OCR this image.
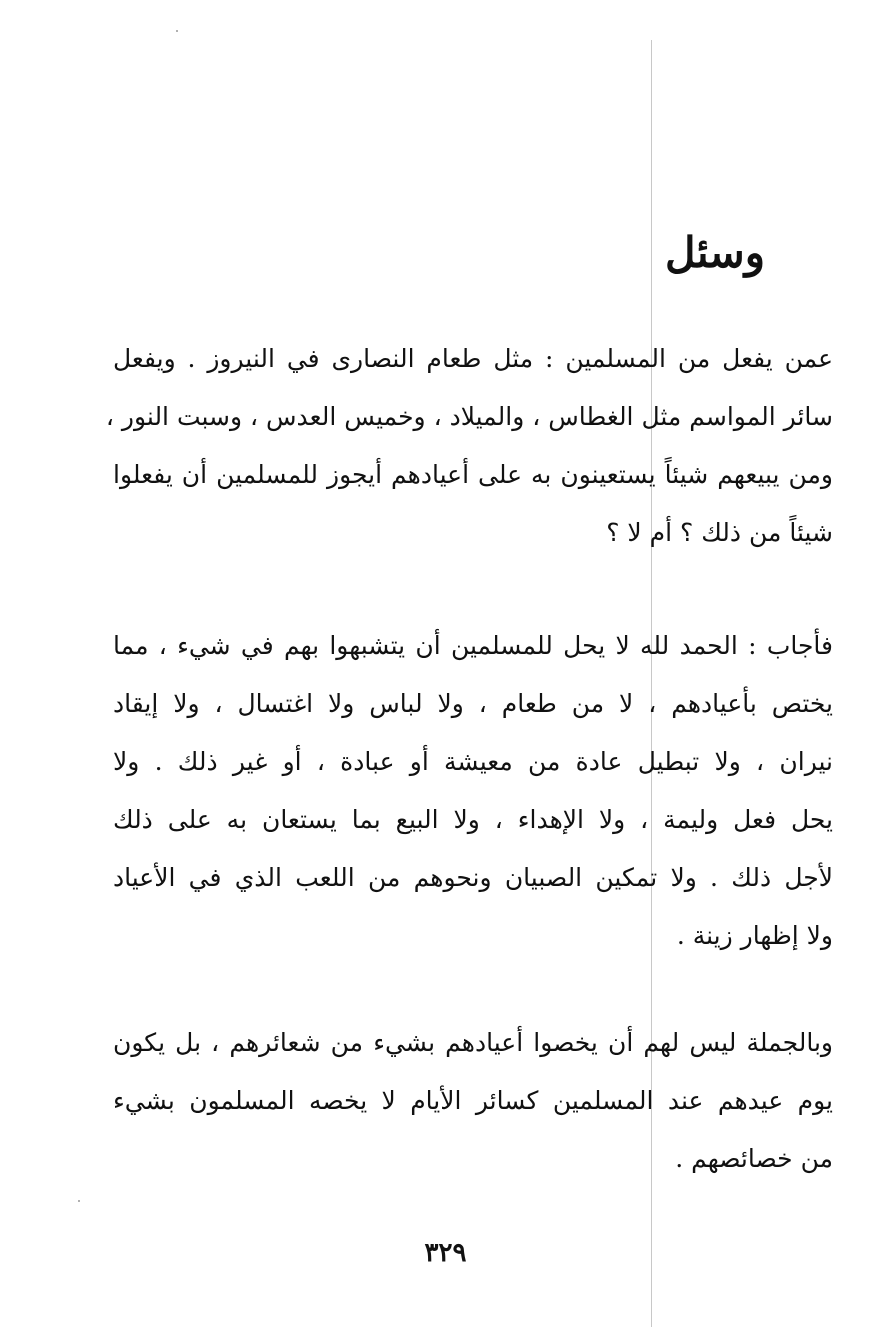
وسئل
عمن يفعل من المسلمين : مثل طعام النصارى في النيروز . ويفعل
سائر المواسم مثل الغطاس ، والميلاد ، وخميس العدس ، وسبت النور ،
ومن يبيعهم شيئاً يستعينون به على أعيادهم أيجوز للمسلمين أن يفعلوا
شيئاً من ذلك ؟ أم لا ؟
فأجاب : الحمد لله لا يحل للمسلمين أن يتشبهوا بهم في شيء ، مما
يختص بأعيادهم ، لا من طعام ، ولا لباس ولا اغتسال ، ولا إيقاد
نيران ، ولا تبطيل عادة من معيشة أو عبادة ، أو غير ذلك . ولا
يحل فعل وليمة ، ولا الإهداء ، ولا البيع بما يستعان به على ذلك
لأجل ذلك . ولا تمكين الصبيان ونحوهم من اللعب الذي في الأعياد
ولا إظهار زينة .
وبالجملة ليس لهم أن يخصوا أعيادهم بشيء من شعائرهم ، بل يكون
يوم عيدهم عند المسلمين كسائر الأيام لا يخصه المسلمون بشيء
من خصائصهم .
٣٢٩
